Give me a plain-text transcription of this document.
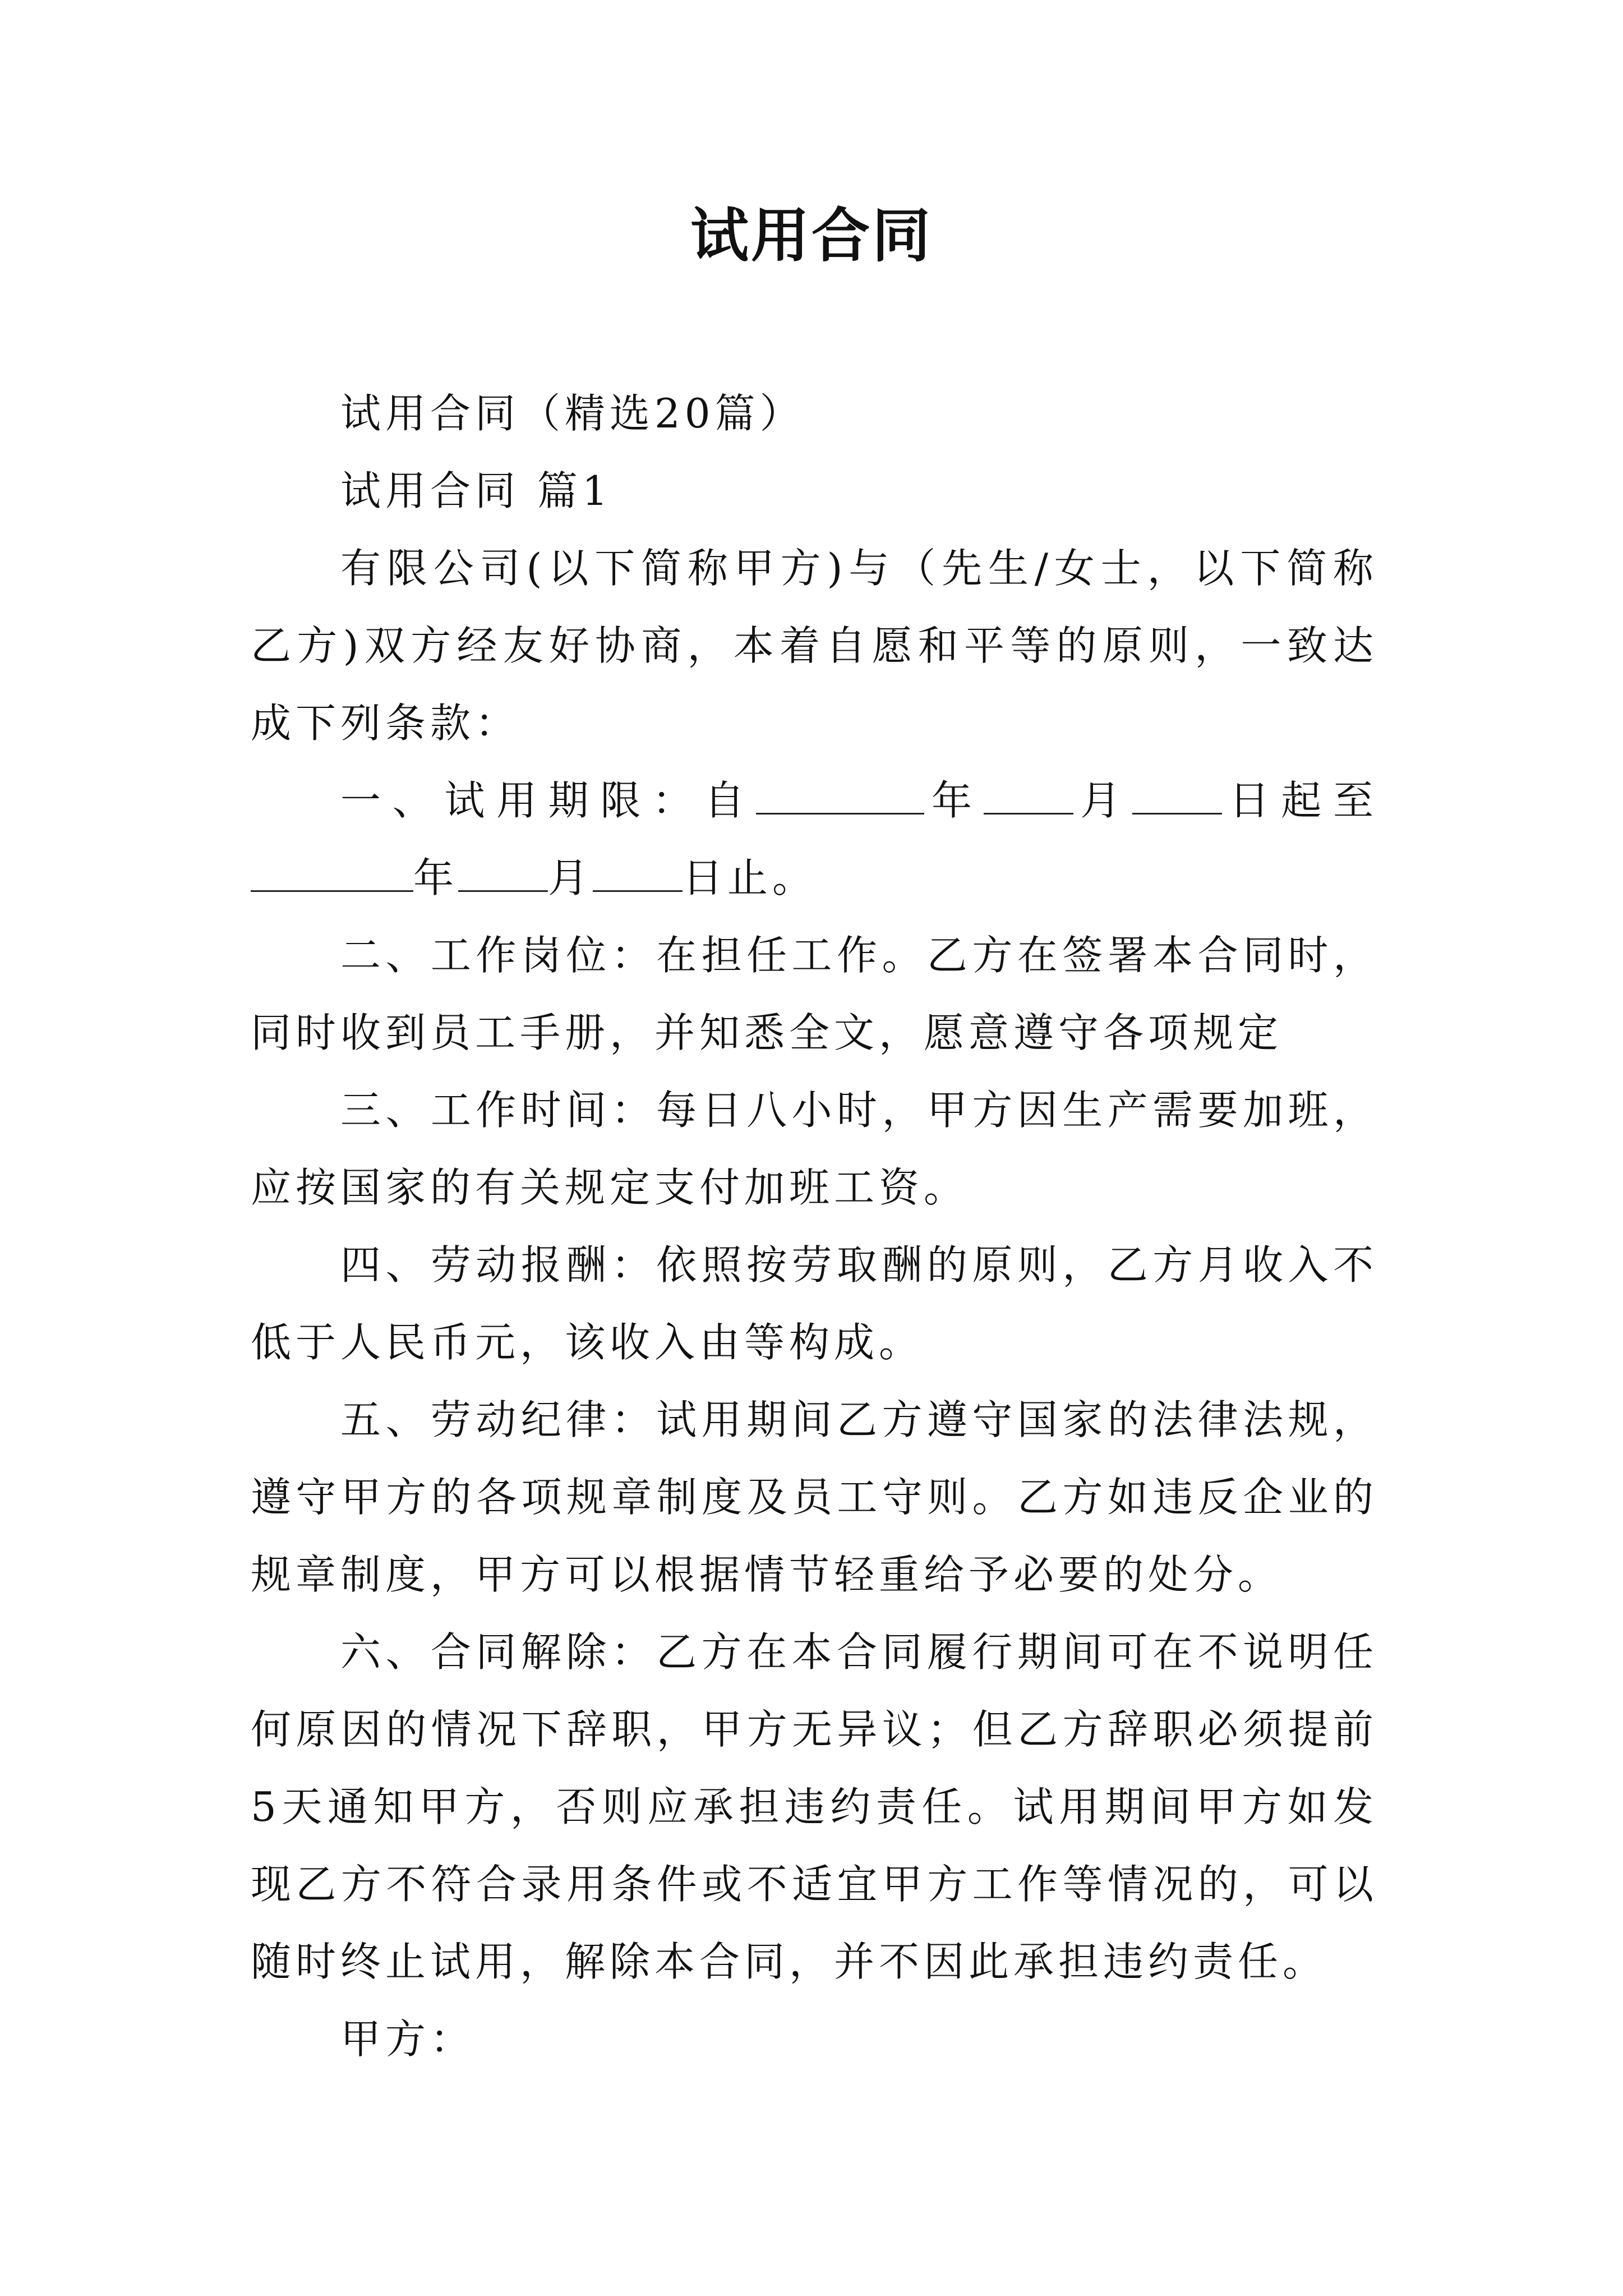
试用合同

试用合同（精选20篇）

试用合同 篇1

有限公司(以下简称甲方)与（先生/女士，以下简称乙方)双方经友好协商，本着自愿和平等的原则，一致达成下列条款：

一、试用期限：自	年 月 日起至年 月 日止。

二、工作岗位：在担任工作。乙方在签署本合同时，同时收到员工手册，并知悉全文，愿意遵守各项规定

三、工作时间：每日八小时，甲方因生产需要加班，应按国家的有关规定支付加班工资。

四、劳动报酬：依照按劳取酬的原则，乙方月收入不低于人民币元，该收入由等构成。

五、劳动纪律：试用期间乙方遵守国家的法律法规，遵守甲方的各项规章制度及员工守则。乙方如违反企业的规章制度，甲方可以根据情节轻重给予必要的处分。

六、合同解除：乙方在本合同履行期间可在不说明任何原因的情况下辞职，甲方无异议；但乙方辞职必须提前5天通知甲方，否则应承担违约责任。试用期间甲方如发现乙方不符合录用条件或不适宜甲方工作等情况的，可以随时终止试用，解除本合同，并不因此承担违约责任。

甲方：
